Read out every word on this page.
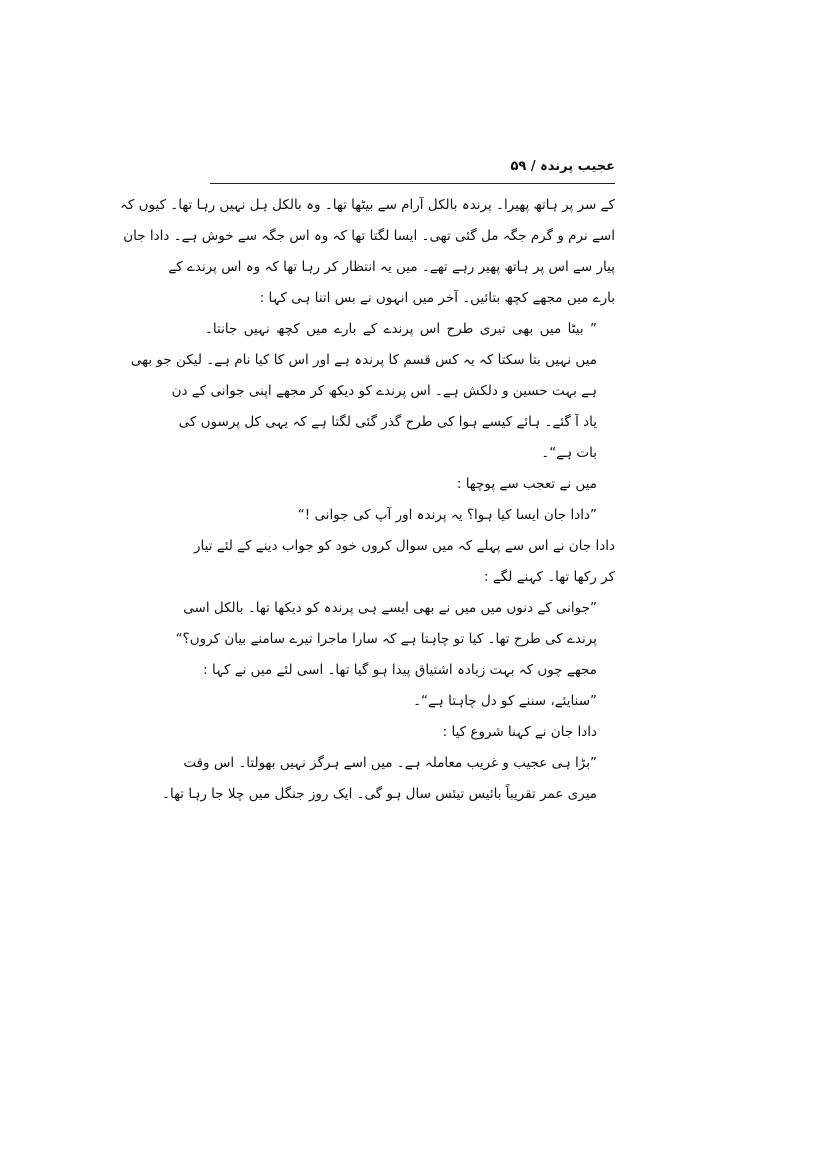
عجیب پرندہ / ۵۹
کے سر پر ہاتھ پھیرا۔ پرندہ بالکل آرام سے بیٹھا تھا۔ وہ بالکل ہل نہیں رہا تھا۔ کیوں کہ
اسے نرم و گرم جگہ مل گئی تھی۔ ایسا لگتا تھا کہ وہ اس جگہ سے خوش ہے۔ دادا جان
پیار سے اس پر ہاتھ پھیر رہے تھے۔ میں یہ انتظار کر رہا تھا کہ وہ اس پرندے کے
بارے میں مجھے کچھ بتائیں۔ آخر میں انہوں نے بس اتنا ہی کہا :
” بیٹا میں بھی تیری طرح اس پرندے کے بارے میں کچھ نہیں جانتا۔
میں نہیں بتا سکتا کہ یہ کس قسم کا پرندہ ہے اور اس کا کیا نام ہے۔ لیکن جو بھی
ہے بہت حسین و دلکش ہے۔ اس پرندے کو دیکھ کر مجھے اپنی جوانی کے دن
یاد آ گئے۔ ہائے کیسے ہوا کی طرح گذر گئی لگتا ہے کہ یہی کل پرسوں کی
بات ہے“۔
میں نے تعجب سے پوچھا :
”دادا جان ایسا کیا ہوا؟ یہ پرندہ اور آپ کی جوانی !“
دادا جان نے اس سے پہلے کہ میں سوال کروں خود کو جواب دینے کے لئے تیار
کر رکھا تھا۔ کہنے لگے :
”جوانی کے دنوں میں میں نے بھی ایسے ہی پرندہ کو دیکھا تھا۔ بالکل اسی
پرندے کی طرح تھا۔ کیا تو چاہتا ہے کہ سارا ماجرا تیرے سامنے بیان کروں؟“
مجھے چوں کہ بہت زیادہ اشتیاق پیدا ہو گیا تھا۔ اسی لئے میں نے کہا :
”سنایئے، سننے کو دل چاہتا ہے“۔
دادا جان نے کہنا شروع کیا :
”بڑا ہی عجیب و غریب معاملہ ہے۔ میں اسے ہرگز نہیں بھولتا۔ اس وقت
میری عمر تقریباً بائیس تیئس سال ہو گی۔ ایک روز جنگل میں چلا جا رہا تھا۔
